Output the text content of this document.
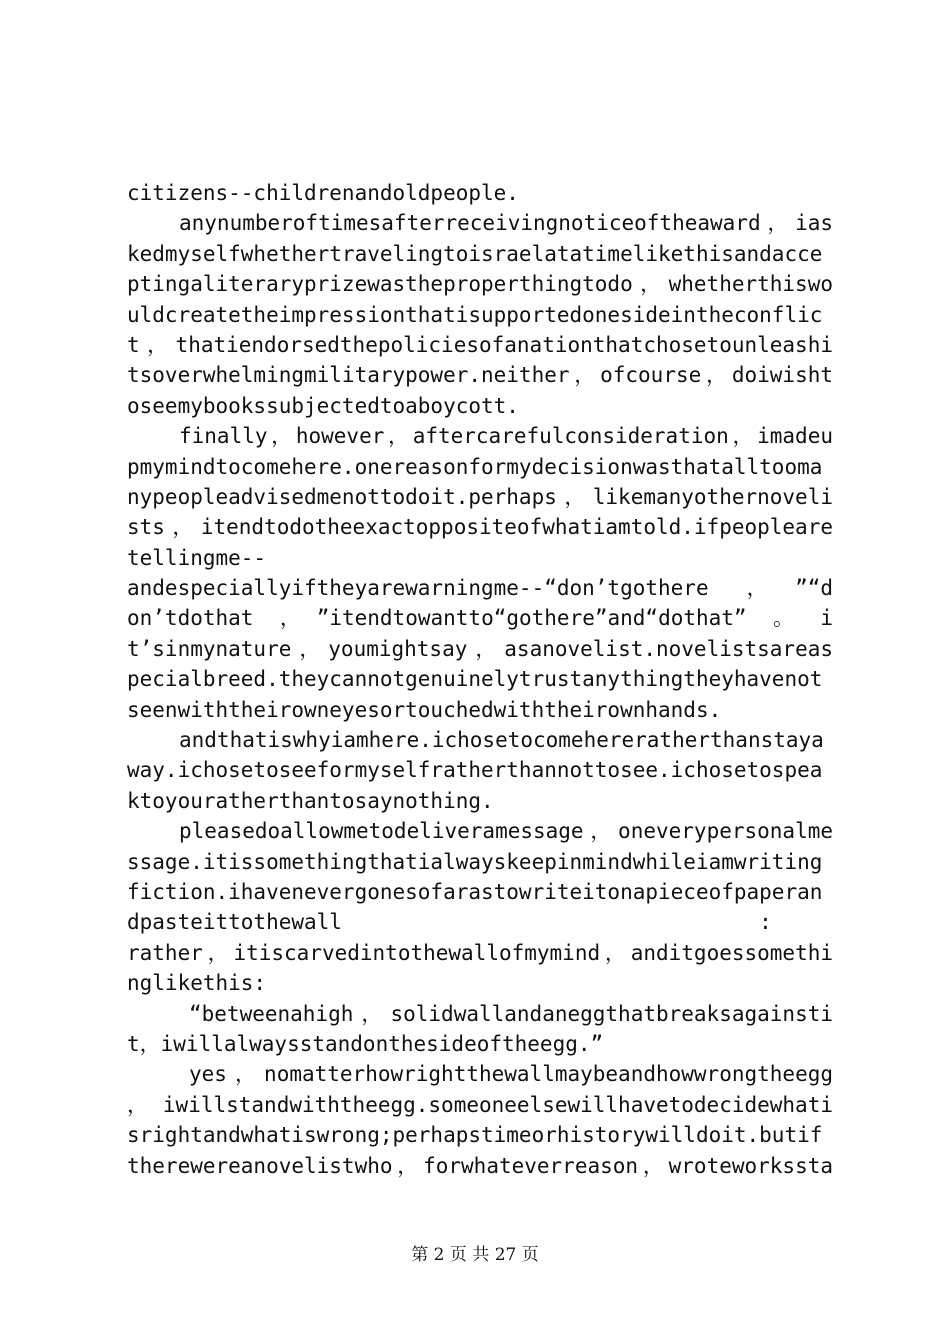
citizens--childrenandoldpeople.
anynumberoftimesafterreceivingnoticeoftheaward，ias
kedmyselfwhethertravelingtoisraelatatimelikethisandacce
ptingaliteraryprizewastheproperthingtodo，whetherthiswo
uldcreatetheimpressionthatisupportedonesideintheconflic
t，thatiendorsedthepoliciesofanationthatchosetounleashi
tsoverwhelmingmilitarypower.neither，ofcourse，doiwisht
oseemybookssubjectedtoaboycott.
finally，however，aftercarefulconsideration，imadeu
pmymindtocomehere.onereasonformydecisionwasthatalltooma
nypeopleadvisedmenottodoit.perhaps，likemanyothernoveli
sts，itendtodotheexactoppositeofwhatiamtold.ifpeopleare
tellingme--
andespeciallyiftheyarewarningme--“don’tgothere，”“d
on’tdothat，”itendtowantto“gothere”and“dothat”。i
t’sinmynature，youmightsay，asanovelist.novelistsareas
pecialbreed.theycannotgenuinelytrustanythingtheyhavenot
seenwiththeirowneyesortouchedwiththeirownhands.
andthatiswhyiamhere.ichosetocomehereratherthanstaya
way.ichosetoseeformyselfratherthannottosee.ichosetospea
ktoyouratherthantosaynothing.
pleasedoallowmetodeliveramessage，oneverypersonalme
ssage.itissomethingthatialwayskeepinmindwhileiamwriting
fiction.ihavenevergonesofarastowriteitonapieceofpaperan
dpasteittothewall                                 :
rather，itiscarvedintothewallofmymind，anditgoessomethi
nglikethis:
“betweenahigh，solidwallandaneggthatbreaksagainsti
t，iwillalwaysstandonthesideoftheegg.”
yes，nomatterhowrightthewallmaybeandhowwrongtheegg
，iwillstandwiththeegg.someoneelsewillhavetodecidewhati
srightandwhatiswrong;perhapstimeorhistorywilldoit.butif
therewereanovelistwho，forwhateverreason，wroteworkssta
第 2 页 共 27 页
